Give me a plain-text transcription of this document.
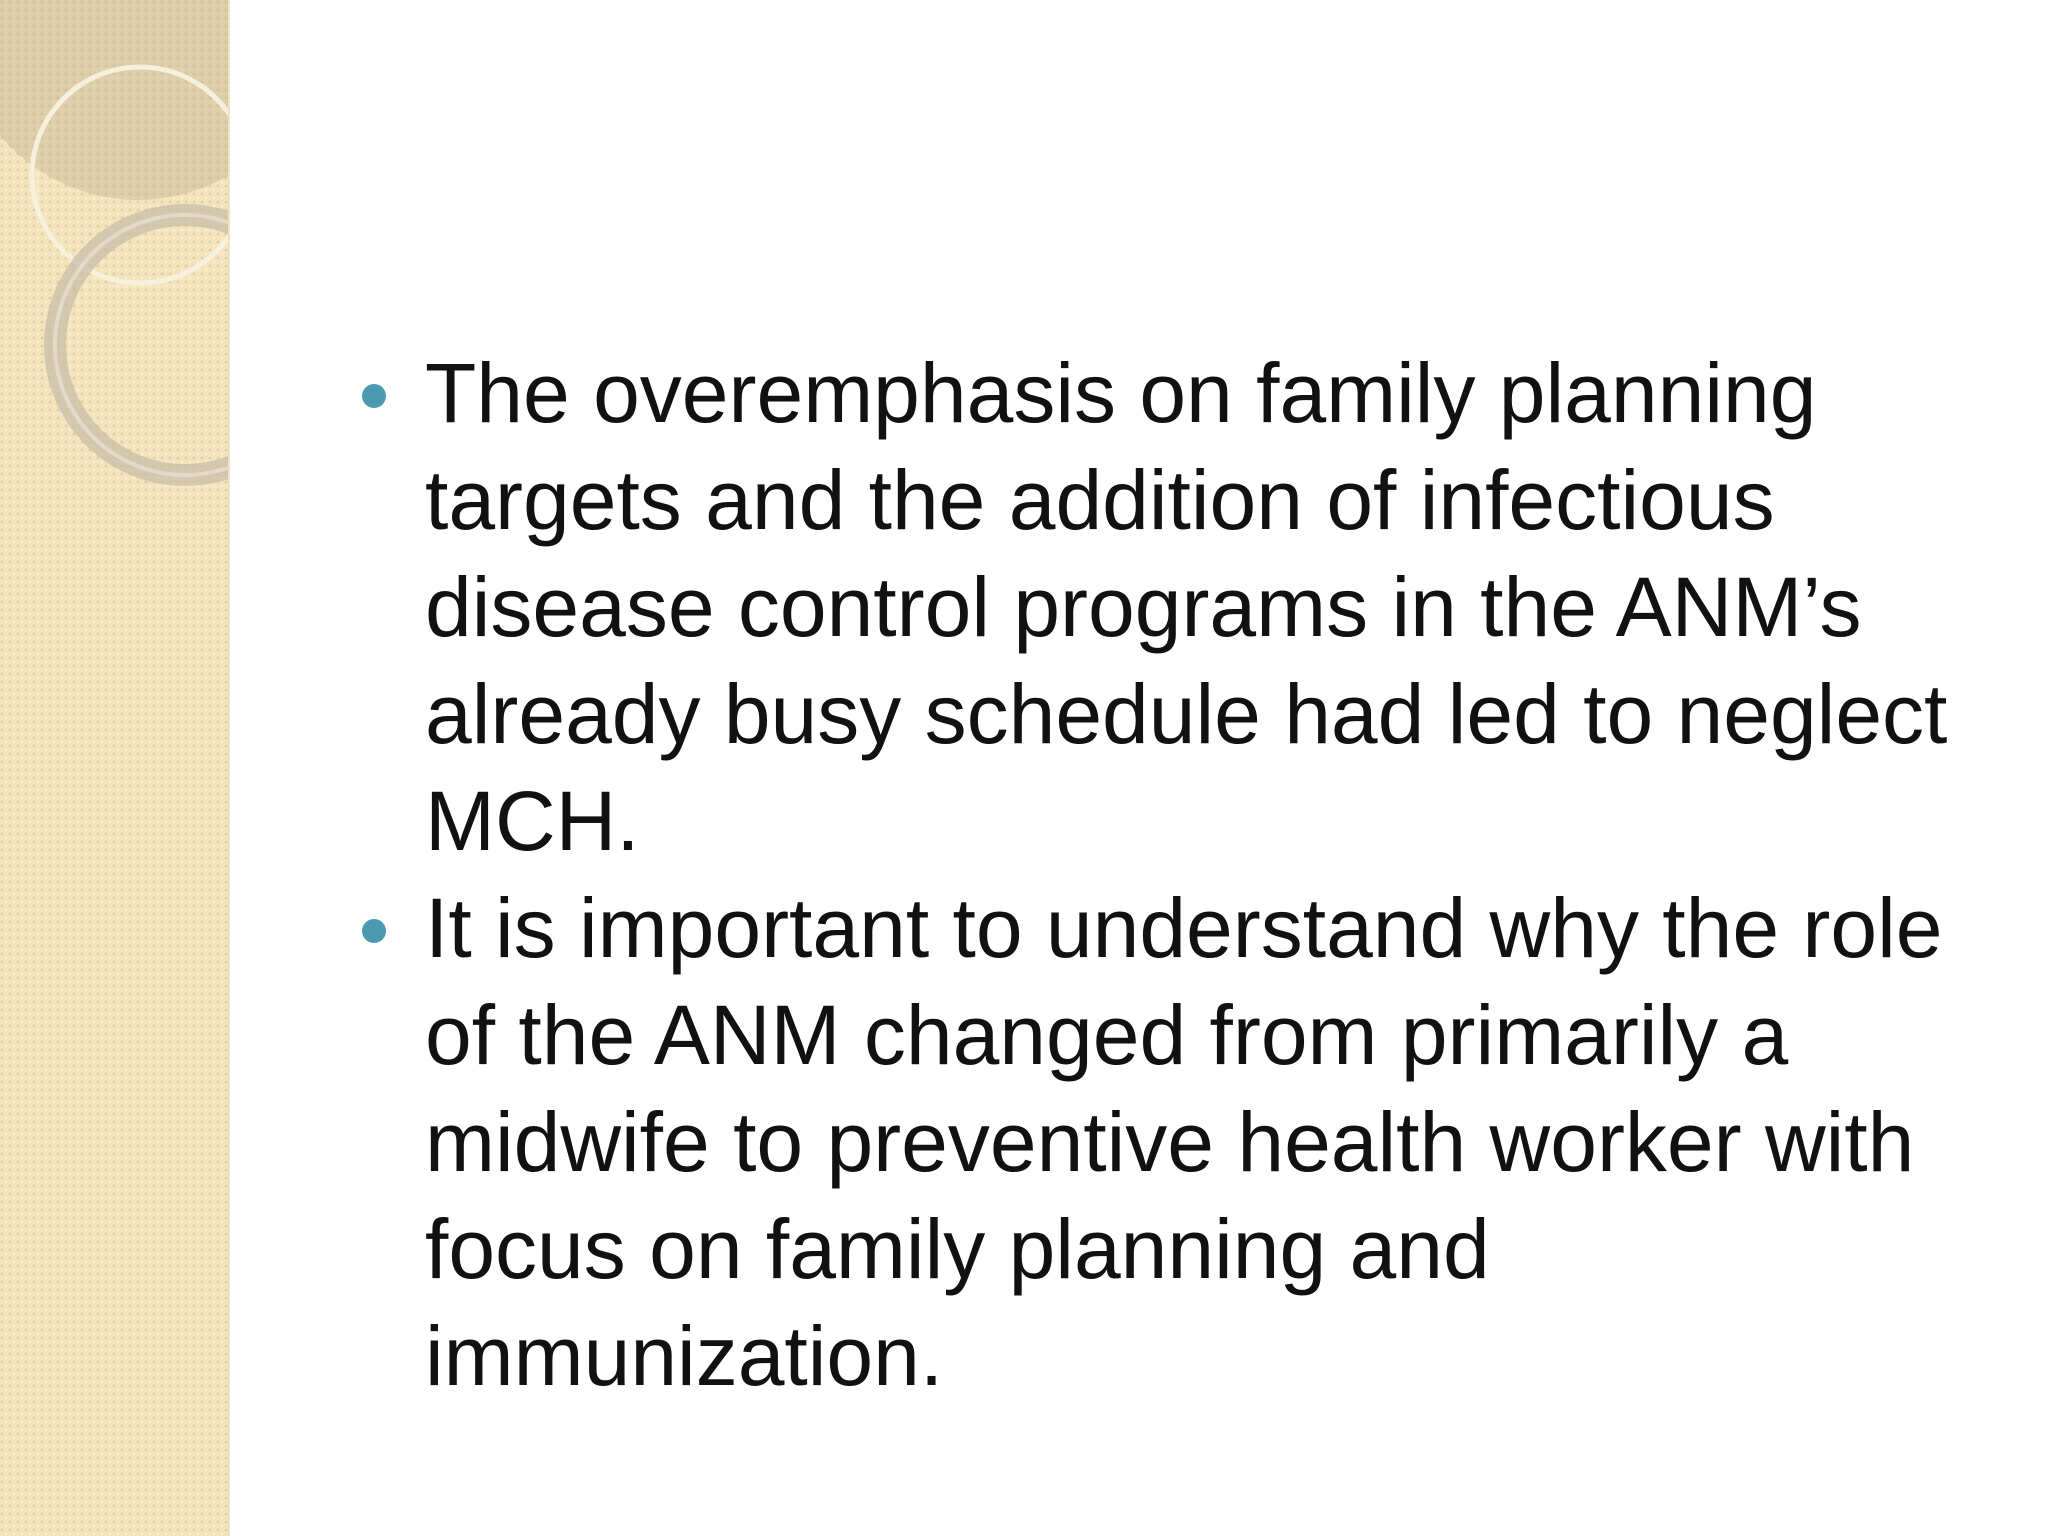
The overemphasis on family planning targets and the addition of infectious disease control programs in the ANM’s already busy schedule had led to neglect MCH.
It is important to understand why the role of the ANM changed from primarily a midwife to preventive health worker with focus on family planning and immunization.
